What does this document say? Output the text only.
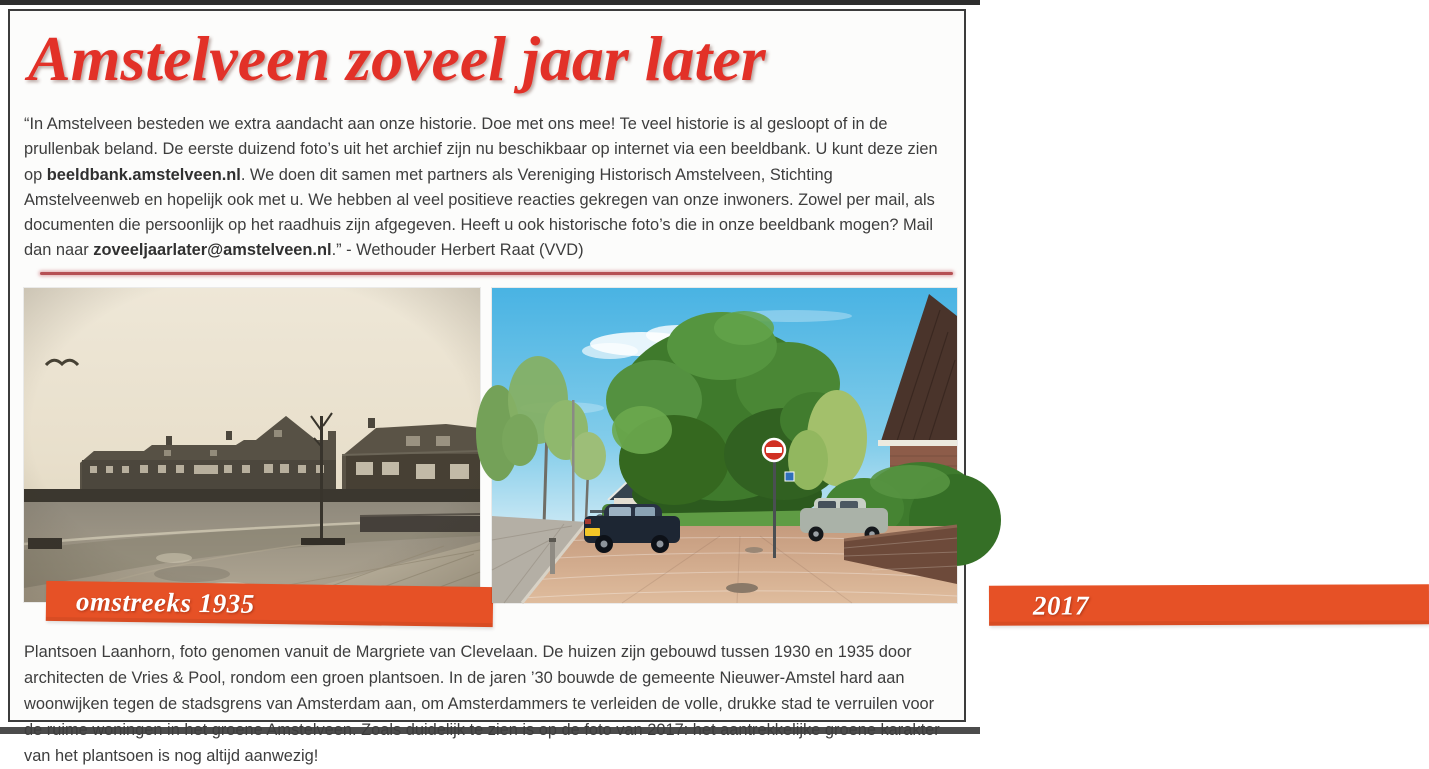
Amstelveen zoveel jaar later

“In Amstelveen besteden we extra aandacht aan onze historie. Doe met ons mee! Te veel historie is al gesloopt of in de prullenbak beland. De eerste duizend foto’s uit het archief zijn nu beschikbaar op internet via een beeldbank. U kunt deze zien op beeldbank.amstelveen.nl. We doen dit samen met partners als Vereniging Historisch Amstelveen, Stichting Amstelveenweb en hopelijk ook met u. We hebben al veel positieve reacties gekregen van onze inwoners. Zowel per mail, als documenten die persoonlijk op het raadhuis zijn afgegeven. Heeft u ook historische foto’s die in onze beeldbank mogen? Mail dan naar zoveeljaarlater@amstelveen.nl.” - Wethouder Herbert Raat (VVD)

omstreeks 1935	2017

Plantsoen Laanhorn, foto genomen vanuit de Margriete van Clevelaan. De huizen zijn gebouwd tussen 1930 en 1935 door architecten de Vries & Pool, rondom een groen plantsoen. In de jaren ’30 bouwde de gemeente Nieuwer-Amstel hard aan woonwijken tegen de stadsgrens van Amsterdam aan, om Amsterdammers te verleiden de volle, drukke stad te verruilen voor de ruime woningen in het groene Amstelveen. Zoals duidelijk te zien is op de foto van 2017: het aantrekkelijke groene karakter van het plantsoen is nog altijd aanwezig!
